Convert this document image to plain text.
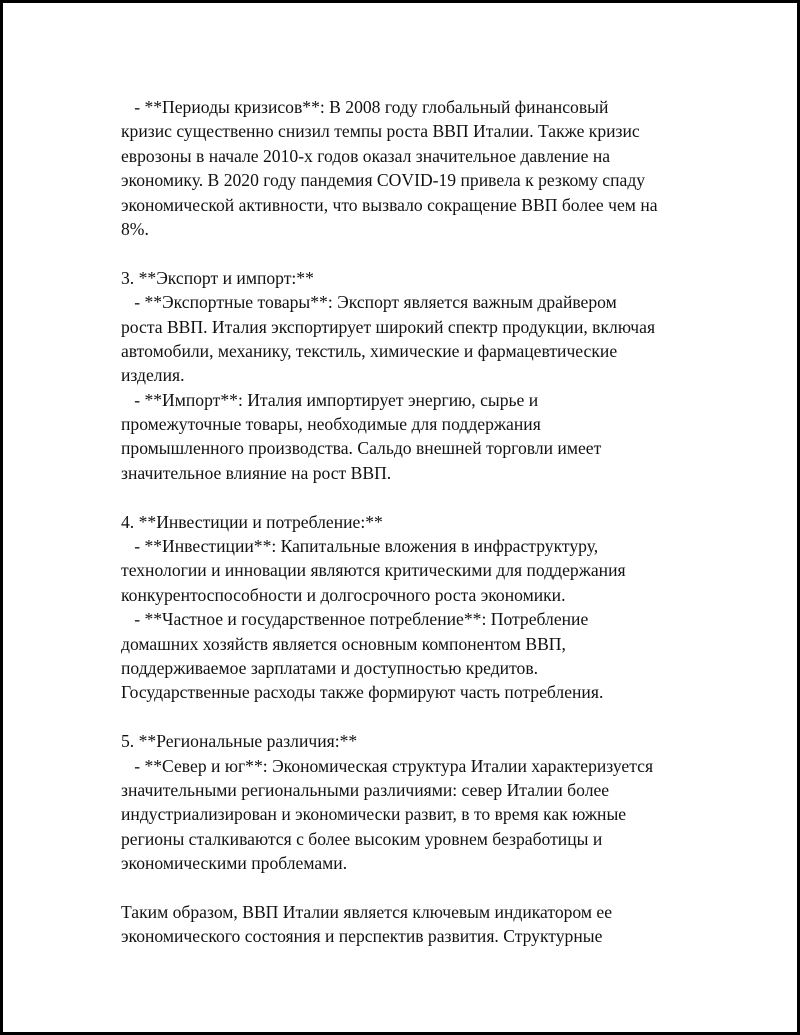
- **Периоды кризисов**: В 2008 году глобальный финансовый
кризис существенно снизил темпы роста ВВП Италии. Также кризис
еврозоны в начале 2010-х годов оказал значительное давление на
экономику. В 2020 году пандемия COVID-19 привела к резкому спаду
экономической активности, что вызвало сокращение ВВП более чем на
8%.
3. **Экспорт и импорт:**
- **Экспортные товары**: Экспорт является важным драйвером
роста ВВП. Италия экспортирует широкий спектр продукции, включая
автомобили, механику, текстиль, химические и фармацевтические
изделия.
- **Импорт**: Италия импортирует энергию, сырье и
промежуточные товары, необходимые для поддержания
промышленного производства. Сальдо внешней торговли имеет
значительное влияние на рост ВВП.
4. **Инвестиции и потребление:**
- **Инвестиции**: Капитальные вложения в инфраструктуру,
технологии и инновации являются критическими для поддержания
конкурентоспособности и долгосрочного роста экономики.
- **Частное и государственное потребление**: Потребление
домашних хозяйств является основным компонентом ВВП,
поддерживаемое зарплатами и доступностью кредитов.
Государственные расходы также формируют часть потребления.
5. **Региональные различия:**
- **Север и юг**: Экономическая структура Италии характеризуется
значительными региональными различиями: север Италии более
индустриализирован и экономически развит, в то время как южные
регионы сталкиваются с более высоким уровнем безработицы и
экономическими проблемами.
Таким образом, ВВП Италии является ключевым индикатором ее
экономического состояния и перспектив развития. Структурные
